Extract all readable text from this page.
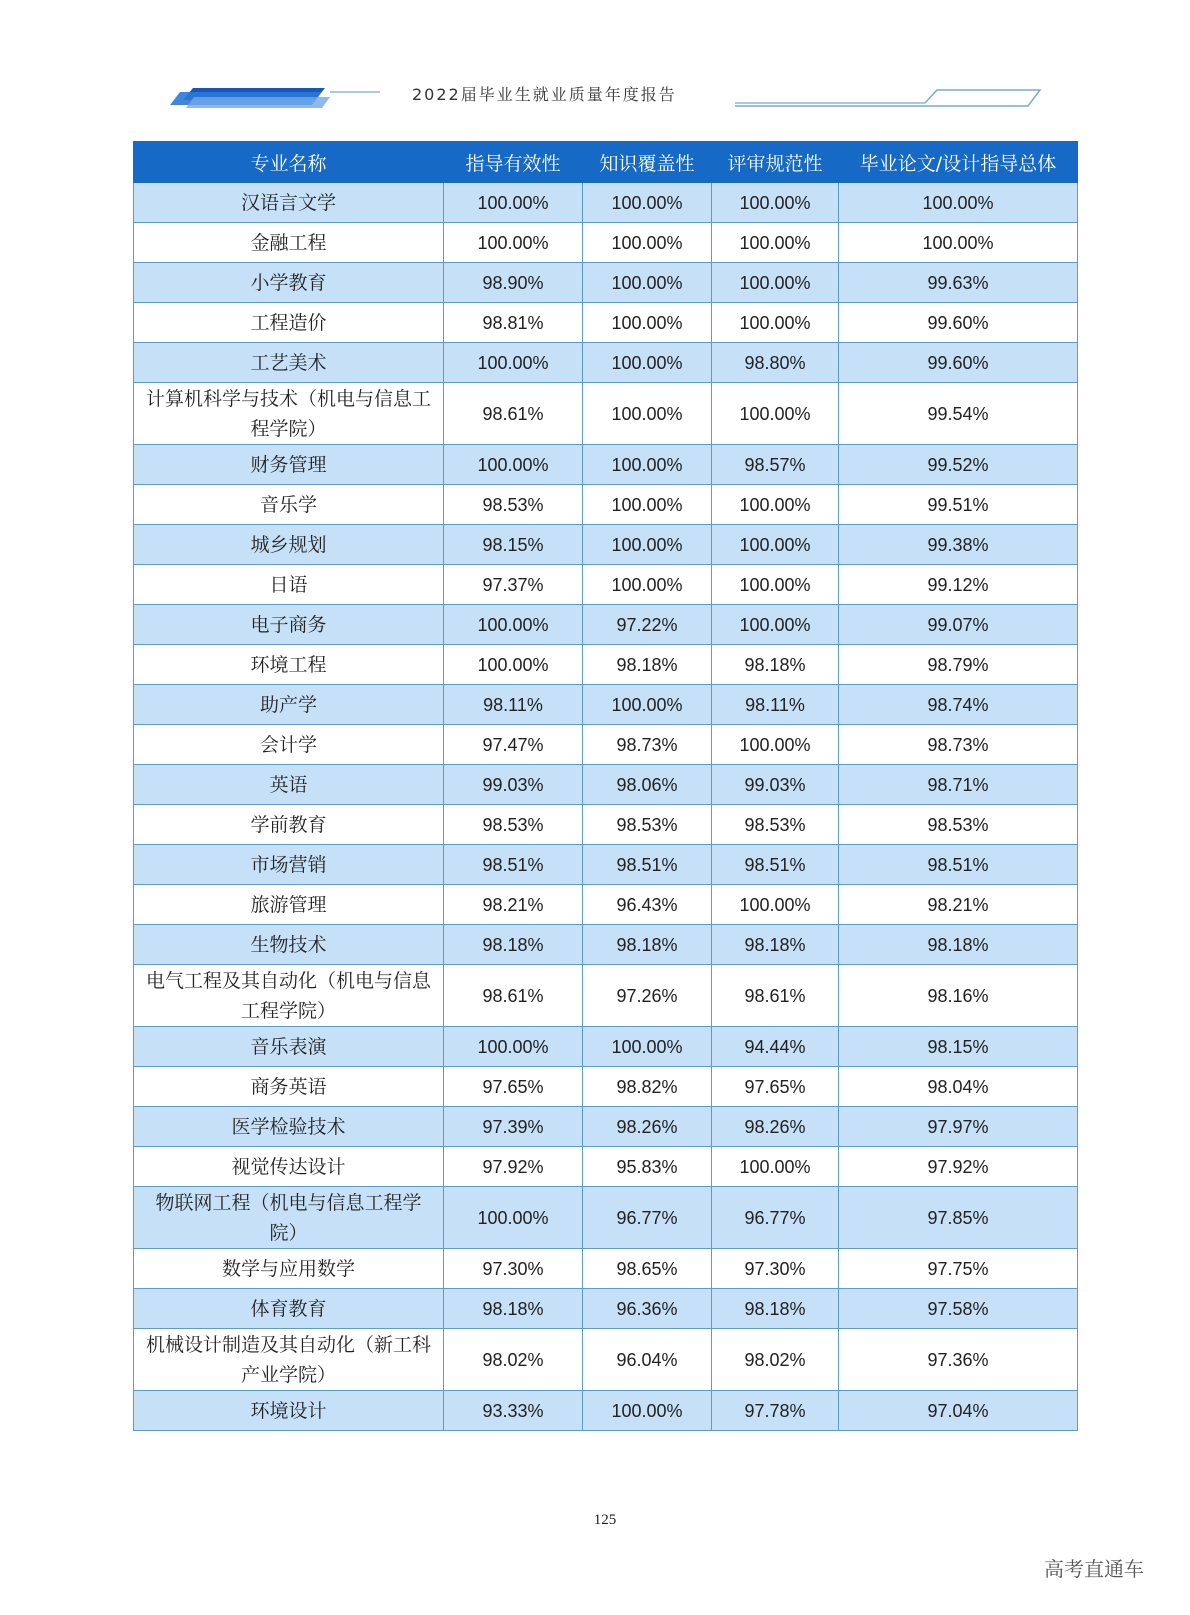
2022届毕业生就业质量年度报告
专业名称	指导有效性	知识覆盖性	评审规范性	毕业论文/设计指导总体
汉语言文学	100.00%	100.00%	100.00%	100.00%
金融工程	100.00%	100.00%	100.00%	100.00%
小学教育	98.90%	100.00%	100.00%	99.63%
工程造价	98.81%	100.00%	100.00%	99.60%
工艺美术	100.00%	100.00%	98.80%	99.60%
计算机科学与技术（机电与信息工程学院）	98.61%	100.00%	100.00%	99.54%
财务管理	100.00%	100.00%	98.57%	99.52%
音乐学	98.53%	100.00%	100.00%	99.51%
城乡规划	98.15%	100.00%	100.00%	99.38%
日语	97.37%	100.00%	100.00%	99.12%
电子商务	100.00%	97.22%	100.00%	99.07%
环境工程	100.00%	98.18%	98.18%	98.79%
助产学	98.11%	100.00%	98.11%	98.74%
会计学	97.47%	98.73%	100.00%	98.73%
英语	99.03%	98.06%	99.03%	98.71%
学前教育	98.53%	98.53%	98.53%	98.53%
市场营销	98.51%	98.51%	98.51%	98.51%
旅游管理	98.21%	96.43%	100.00%	98.21%
生物技术	98.18%	98.18%	98.18%	98.18%
电气工程及其自动化（机电与信息工程学院）	98.61%	97.26%	98.61%	98.16%
音乐表演	100.00%	100.00%	94.44%	98.15%
商务英语	97.65%	98.82%	97.65%	98.04%
医学检验技术	97.39%	98.26%	98.26%	97.97%
视觉传达设计	97.92%	95.83%	100.00%	97.92%
物联网工程（机电与信息工程学院）	100.00%	96.77%	96.77%	97.85%
数学与应用数学	97.30%	98.65%	97.30%	97.75%
体育教育	98.18%	96.36%	98.18%	97.58%
机械设计制造及其自动化（新工科产业学院）	98.02%	96.04%	98.02%	97.36%
环境设计	93.33%	100.00%	97.78%	97.04%
125
高考直通车
